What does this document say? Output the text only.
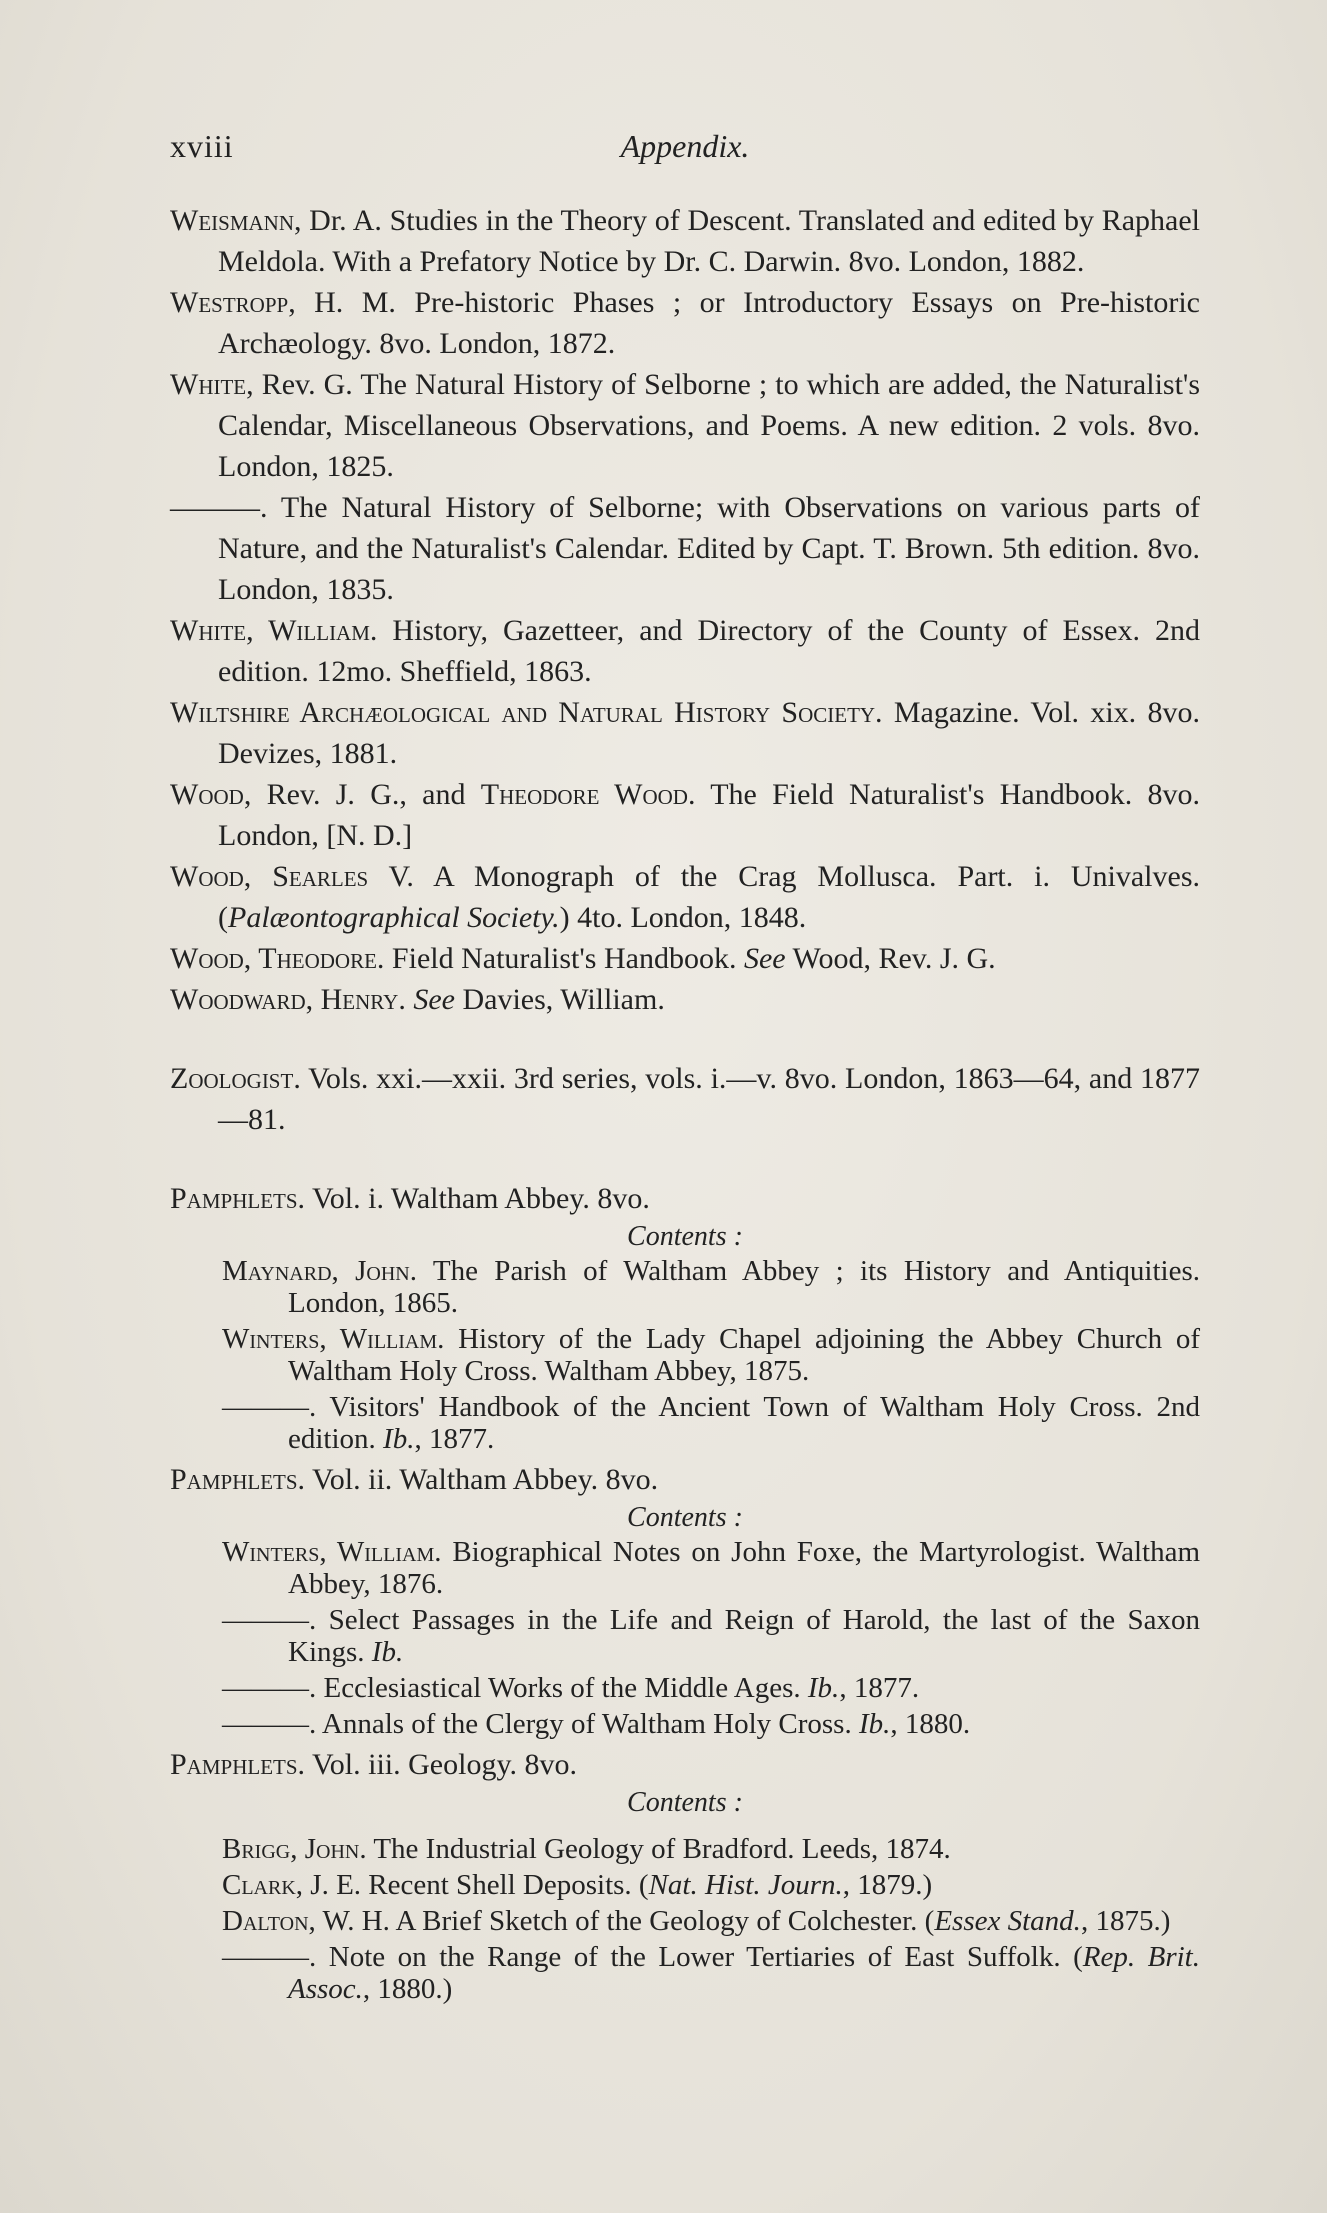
xviii	Appendix.

Weismann, Dr. A. Studies in the Theory of Descent. Translated and edited by Raphael Meldola. With a Prefatory Notice by Dr. C. Darwin. 8vo. London, 1882.

Westropp, H. M. Pre-historic Phases ; or Introductory Essays on Pre-historic Archæology. 8vo. London, 1872.

White, Rev. G. The Natural History of Selborne ; to which are added, the Naturalist's Calendar, Miscellaneous Observations, and Poems. A new edition. 2 vols. 8vo. London, 1825.

———. The Natural History of Selborne; with Observations on various parts of Nature, and the Naturalist's Calendar. Edited by Capt. T. Brown. 5th edition. 8vo. London, 1835.

White, William. History, Gazetteer, and Directory of the County of Essex. 2nd edition. 12mo. Sheffield, 1863.

Wiltshire Archæological and Natural History Society. Magazine. Vol. xix. 8vo. Devizes, 1881.

Wood, Rev. J. G., and Theodore Wood. The Field Naturalist's Handbook. 8vo. London, [N. D.]

Wood, Searles V. A Monograph of the Crag Mollusca. Part. i. Univalves. (Palæontographical Society.) 4to. London, 1848.

Wood, Theodore. Field Naturalist's Handbook. See Wood, Rev. J. G.

Woodward, Henry. See Davies, William.

Zoologist. Vols. xxi.—xxii. 3rd series, vols. i.—v. 8vo. London, 1863—64, and 1877—81.

Pamphlets. Vol. i. Waltham Abbey. 8vo.

Contents :

Maynard, John. The Parish of Waltham Abbey ; its History and Antiquities. London, 1865.

Winters, William. History of the Lady Chapel adjoining the Abbey Church of Waltham Holy Cross. Waltham Abbey, 1875.

———. Visitors' Handbook of the Ancient Town of Waltham Holy Cross. 2nd edition. Ib., 1877.

Pamphlets. Vol. ii. Waltham Abbey. 8vo.

Contents :

Winters, William. Biographical Notes on John Foxe, the Martyrologist. Waltham Abbey, 1876.

———. Select Passages in the Life and Reign of Harold, the last of the Saxon Kings. Ib.

———. Ecclesiastical Works of the Middle Ages. Ib., 1877.

———. Annals of the Clergy of Waltham Holy Cross. Ib., 1880.

Pamphlets. Vol. iii. Geology. 8vo.

Contents :

Brigg, John. The Industrial Geology of Bradford. Leeds, 1874.

Clark, J. E. Recent Shell Deposits. (Nat. Hist. Journ., 1879.)

Dalton, W. H. A Brief Sketch of the Geology of Colchester. (Essex Stand., 1875.)

———. Note on the Range of the Lower Tertiaries of East Suffolk. (Rep. Brit. Assoc., 1880.)
